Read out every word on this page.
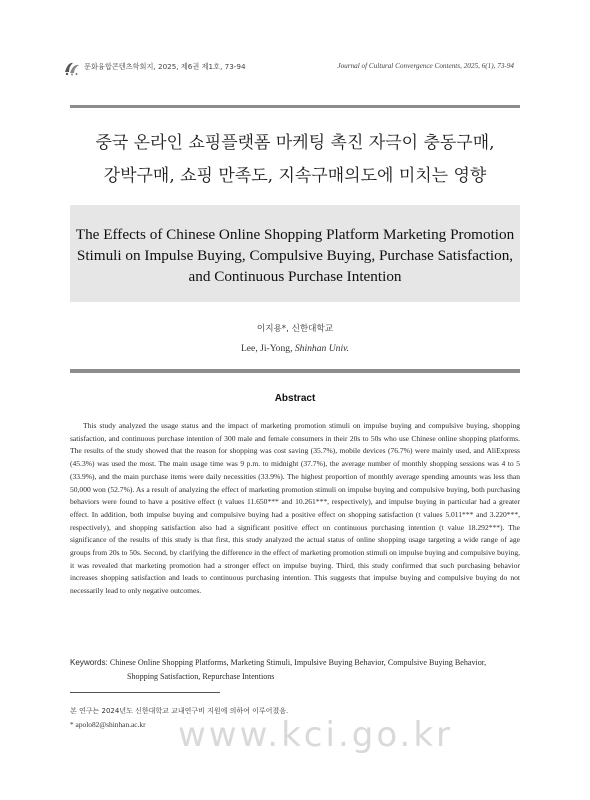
문화융합콘텐츠학회지, 2025, 제6권 제1호, 73-94	Journal of Cultural Convergence Contents, 2025, 6(1), 73-94
중국 온라인 쇼핑플랫폼 마케팅 촉진 자극이 충동구매,
강박구매, 쇼핑 만족도, 지속구매의도에 미치는 영향
The Effects of Chinese Online Shopping Platform Marketing Promotion
Stimuli on Impulse Buying, Compulsive Buying, Purchase Satisfaction,
and Continuous Purchase Intention
이지용*, 신한대학교
Lee, Ji-Yong, Shinhan Univ.
Abstract
This study analyzed the usage status and the impact of marketing promotion stimuli on impulse buying and compulsive buying, shopping satisfaction, and continuous purchase intention of 300 male and female consumers in their 20s to 50s who use Chinese online shopping platforms. The results of the study showed that the reason for shopping was cost saving (35.7%), mobile devices (76.7%) were mainly used, and AliExpress (45.3%) was used the most. The main usage time was 9 p.m. to midnight (37.7%), the average number of monthly shopping sessions was 4 to 5 (33.9%), and the main purchase items were daily necessities (33.9%). The highest proportion of monthly average spending amounts was less than 50,000 won (52.7%). As a result of analyzing the effect of marketing promotion stimuli on impulse buying and compulsive buying, both purchasing behaviors were found to have a positive effect (t values 11.650*** and 10.261***, respectively), and impulse buying in particular had a greater effect. In addition, both impulse buying and compulsive buying had a positive effect on shopping satisfaction (t values 5.011*** and 3.220***, respectively), and shopping satisfaction also had a significant positive effect on continuous purchasing intention (t value 18.292***). The significance of the results of this study is that first, this study analyzed the actual status of online shopping usage targeting a wide range of age groups from 20s to 50s. Second, by clarifying the difference in the effect of marketing promotion stimuli on impulse buying and compulsive buying, it was revealed that marketing promotion had a stronger effect on impulse buying. Third, this study confirmed that such purchasing behavior increases shopping satisfaction and leads to continuous purchasing intention. This suggests that impulse buying and compulsive buying do not necessarily lead to only negative outcomes.
Keywords: Chinese Online Shopping Platforms, Marketing Stimuli, Impulsive Buying Behavior, Compulsive Buying Behavior,
Shopping Satisfaction, Repurchase Intentions
본 연구는 2024년도 신한대학교 교내연구비 지원에 의하여 이루어졌음.
* apolo82@shinhan.ac.kr www.kci.go.kr
